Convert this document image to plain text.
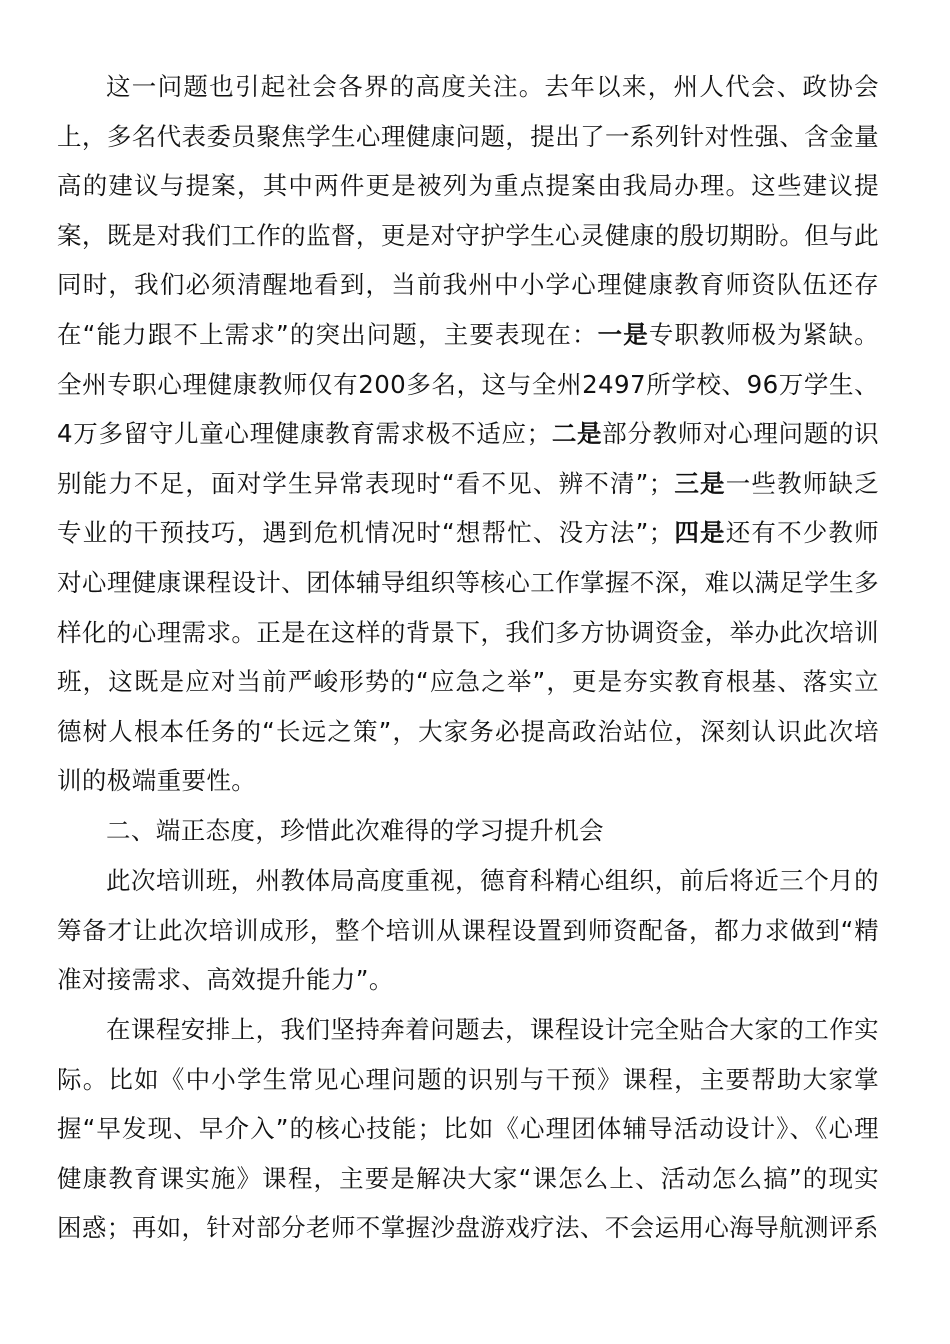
这一问题也引起社会各界的高度关注。去年以来，州人代会、政协会上，多名代表委员聚焦学生心理健康问题，提出了一系列针对性强、含金量高的建议与提案，其中两件更是被列为重点提案由我局办理。这些建议提案，既是对我们工作的监督，更是对守护学生心灵健康的殷切期盼。但与此同时，我们必须清醒地看到，当前我州中小学心理健康教育师资队伍还存在“能力跟不上需求”的突出问题，主要表现在：一是专职教师极为紧缺。全州专职心理健康教师仅有200多名，这与全州2497所学校、96万学生、4万多留守儿童心理健康教育需求极不适应；二是部分教师对心理问题的识别能力不足，面对学生异常表现时“看不见、辨不清”；三是一些教师缺乏专业的干预技巧，遇到危机情况时“想帮忙、没方法”；四是还有不少教师对心理健康课程设计、团体辅导组织等核心工作掌握不深，难以满足学生多样化的心理需求。正是在这样的背景下，我们多方协调资金，举办此次培训班，这既是应对当前严峻形势的“应急之举”，更是夯实教育根基、落实立德树人根本任务的“长远之策”，大家务必提高政治站位，深刻认识此次培训的极端重要性。

二、端正态度，珍惜此次难得的学习提升机会

此次培训班，州教体局高度重视，德育科精心组织，前后将近三个月的筹备才让此次培训成形，整个培训从课程设置到师资配备，都力求做到“精准对接需求、高效提升能力”。

在课程安排上，我们坚持奔着问题去，课程设计完全贴合大家的工作实际。比如《中小学生常见心理问题的识别与干预》课程，主要帮助大家掌握“早发现、早介入”的核心技能；比如《心理团体辅导活动设计》、《心理健康教育课实施》课程，主要是解决大家“课怎么上、活动怎么搞”的现实困惑；再如，针对部分老师不掌握沙盘游戏疗法、不会运用心海导航测评系
